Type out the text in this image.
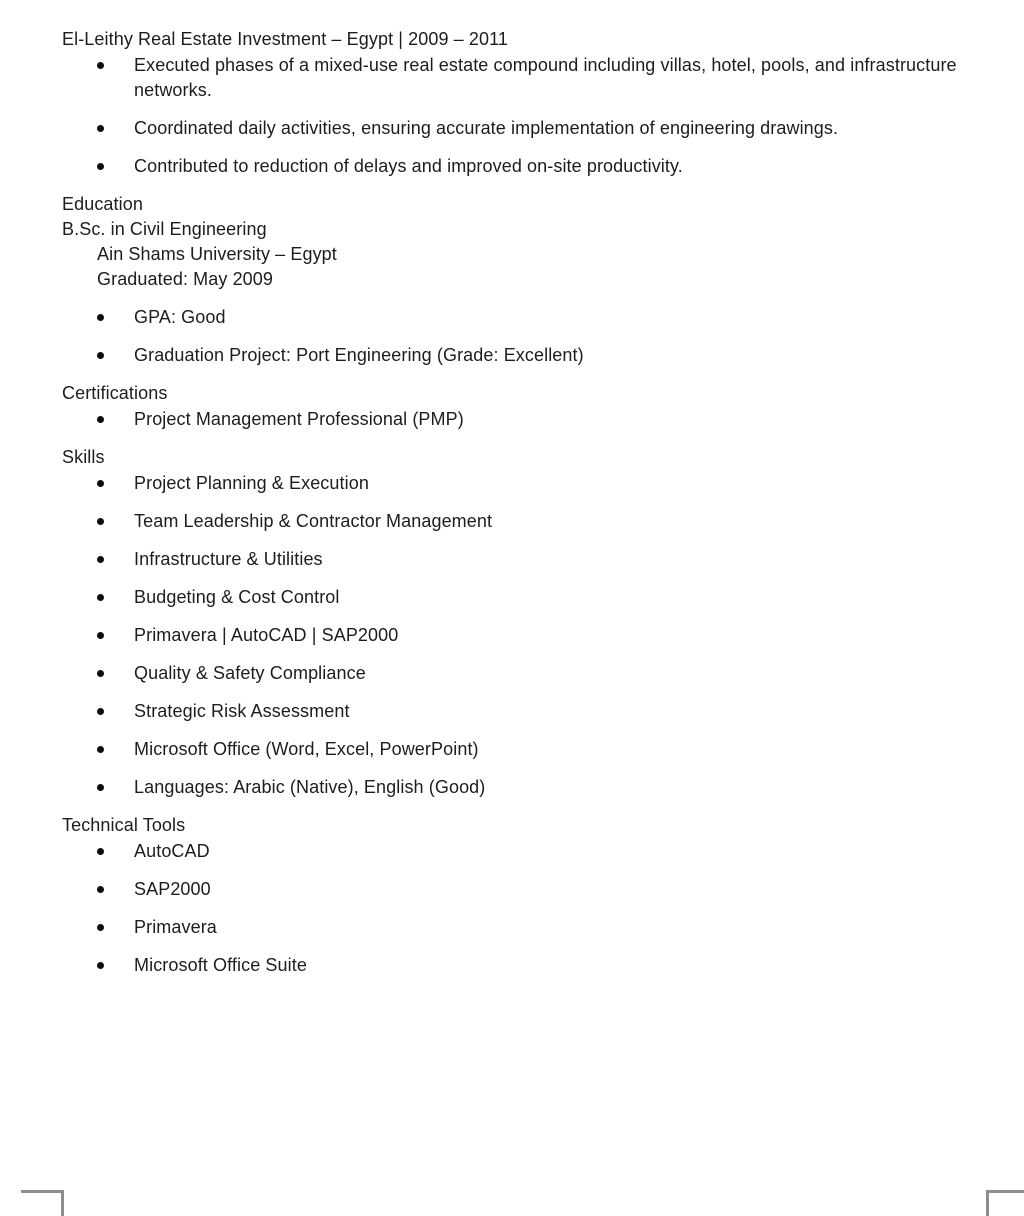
El-Leithy Real Estate Investment – Egypt | 2009 – 2011
Executed phases of a mixed-use real estate compound including villas, hotel, pools, and infrastructure networks.
Coordinated daily activities, ensuring accurate implementation of engineering drawings.
Contributed to reduction of delays and improved on-site productivity.
Education
B.Sc. in Civil Engineering
Ain Shams University – Egypt
Graduated: May 2009
GPA: Good
Graduation Project: Port Engineering (Grade: Excellent)
Certifications
Project Management Professional (PMP)
Skills
Project Planning & Execution
Team Leadership & Contractor Management
Infrastructure & Utilities
Budgeting & Cost Control
Primavera | AutoCAD | SAP2000
Quality & Safety Compliance
Strategic Risk Assessment
Microsoft Office (Word, Excel, PowerPoint)
Languages: Arabic (Native), English (Good)
Technical Tools
AutoCAD
SAP2000
Primavera
Microsoft Office Suite
